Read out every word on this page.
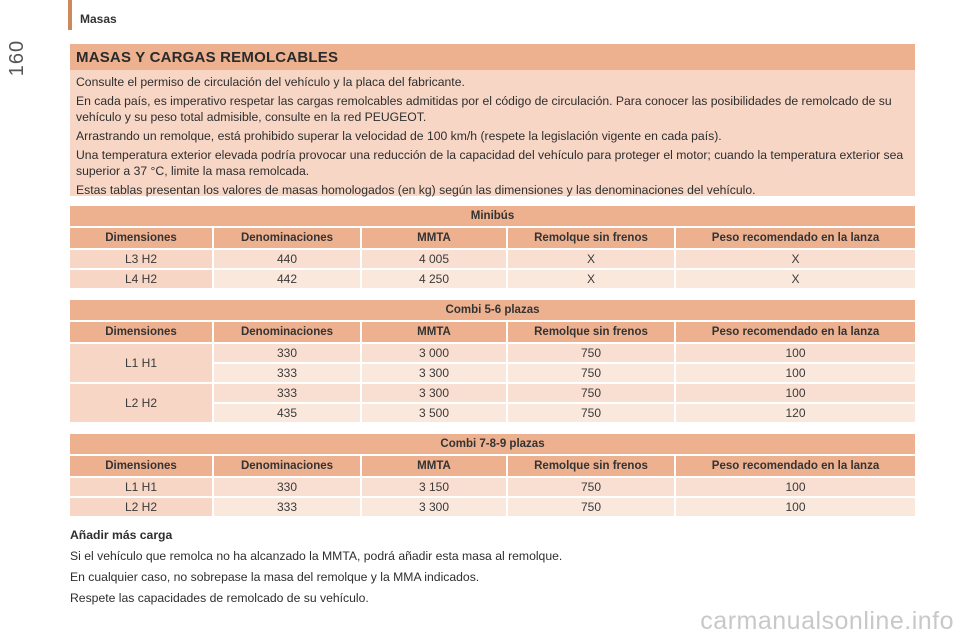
160
Masas
MASAS Y CARGAS REMOLCABLES

Consulte el permiso de circulación del vehículo y la placa del fabricante.

En cada país, es imperativo respetar las cargas remolcables admitidas por el código de circulación. Para conocer las posibilidades de remolcado de su vehículo y su peso total admisible, consulte en la red PEUGEOT.

Arrastrando un remolque, está prohibido superar la velocidad de 100 km/h (respete la legislación vigente en cada país).

Una temperatura exterior elevada podría provocar una reducción de la capacidad del vehículo para proteger el motor; cuando la temperatura exterior sea superior a 37 °C, limite la masa remolcada.

Estas tablas presentan los valores de masas homologados (en kg) según las dimensiones y las denominaciones del vehículo.

Minibús				
Dimensiones	Denominaciones	MMTA	Remolque sin frenos	Peso recomendado en la lanza
L3 H2	440	4 005	X	X
L4 H2	442	4 250	X	X
Combi 5-6 plazas				
Dimensiones	Denominaciones	MMTA	Remolque sin frenos	Peso recomendado en la lanza
L1 H1	330	3 000	750	100
	333	3 300	750	100
L2 H2	333	3 300	750	100
	435	3 500	750	120
Combi 7-8-9 plazas				
Dimensiones	Denominaciones	MMTA	Remolque sin frenos	Peso recomendado en la lanza
L1 H1	330	3 150	750	100
L2 H2	333	3 300	750	100
Añadir más carga

Si el vehículo que remolca no ha alcanzado la MMTA, podrá añadir esta masa al remolque.

En cualquier caso, no sobrepase la masa del remolque y la MMA indicados.

Respete las capacidades de remolcado de su vehículo.

carmanualsonline.info
